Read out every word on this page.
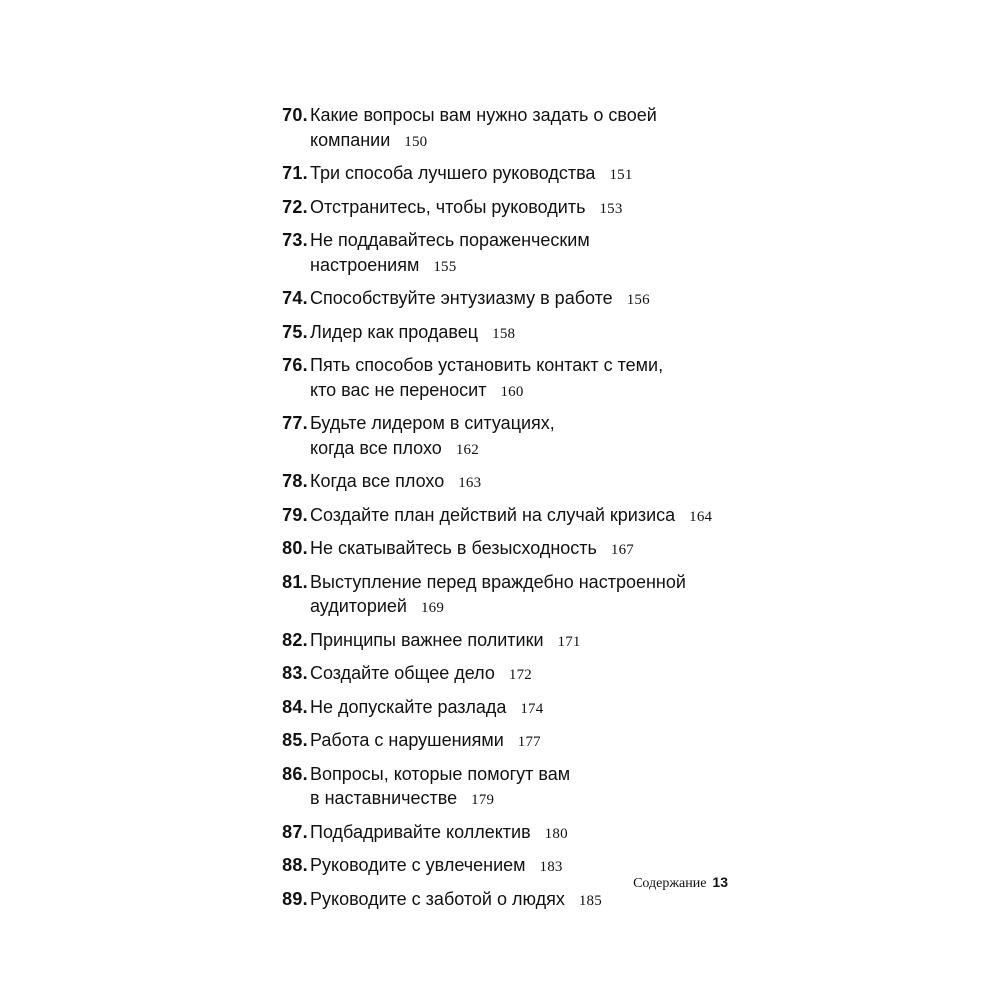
70. Какие вопросы вам нужно задать о своей
компании 150
71. Три способа лучшего руководства 151
72. Отстранитесь, чтобы руководить 153
73. Не поддавайтесь пораженческим
настроениям 155
74. Способствуйте энтузиазму в работе 156
75. Лидер как продавец 158
76. Пять способов установить контакт с теми,
кто вас не переносит 160
77. Будьте лидером в ситуациях,
когда все плохо 162
78. Когда все плохо 163
79. Создайте план действий на случай кризиса 164
80. Не скатывайтесь в безысходность 167
81. Выступление перед враждебно настроенной
аудиторией 169
82. Принципы важнее политики 171
83. Создайте общее дело 172
84. Не допускайте разлада 174
85. Работа с нарушениями 177
86. Вопросы, которые помогут вам
в наставничестве 179
87. Подбадривайте коллектив 180
88. Руководите с увлечением 183
89. Руководите с заботой о людях 185
Содержание 13
